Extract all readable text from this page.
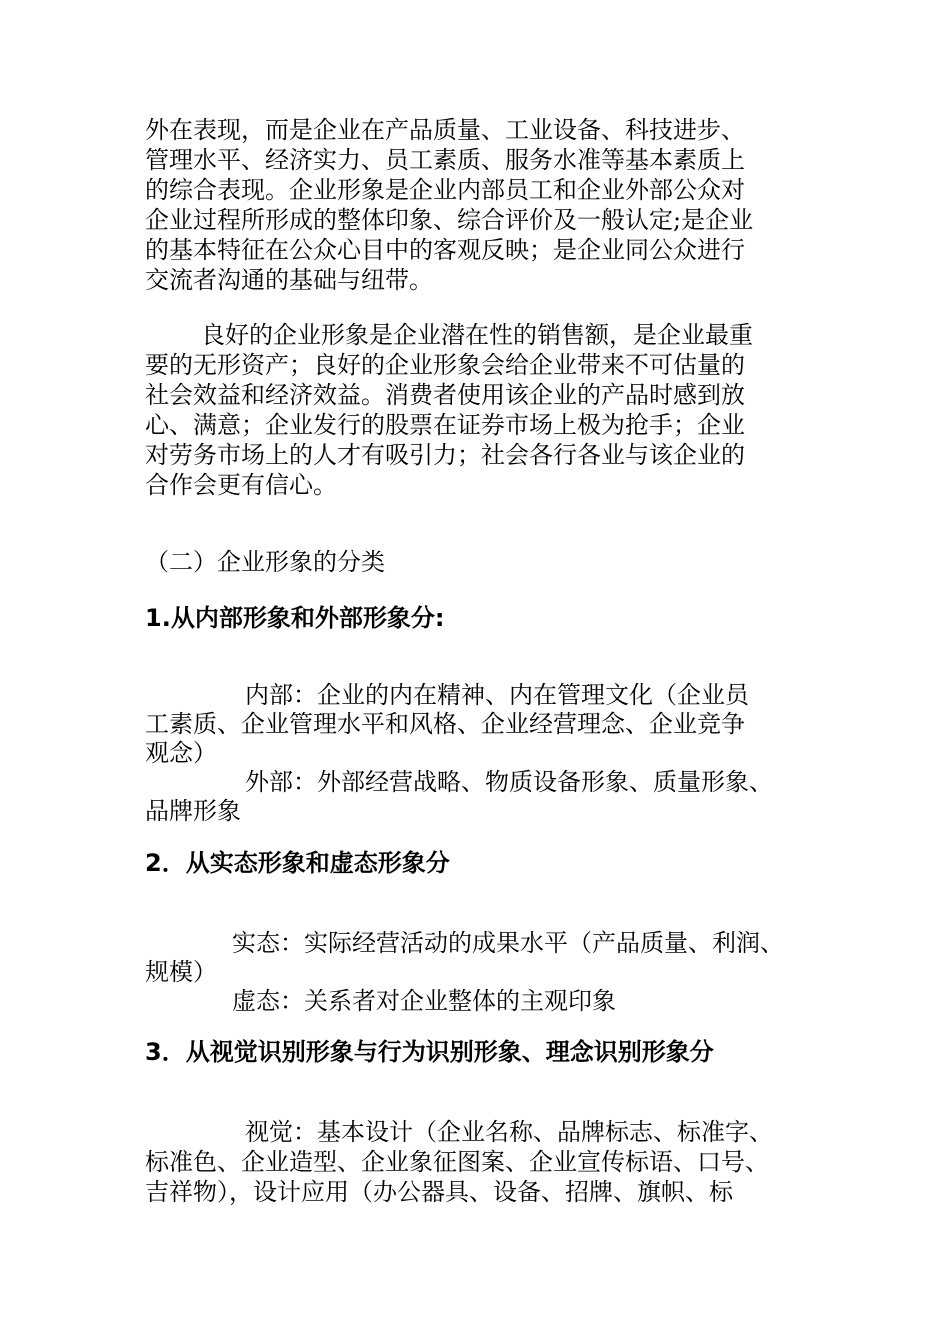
外在表现，而是企业在产品质量、工业设备、科技进步、
管理水平、经济实力、员工素质、服务水准等基本素质上
的综合表现。企业形象是企业内部员工和企业外部公众对
企业过程所形成的整体印象、综合评价及一般认定;是企业
的基本特征在公众心目中的客观反映；是企业同公众进行
交流者沟通的基础与纽带。
良好的企业形象是企业潜在性的销售额，是企业最重
要的无形资产；良好的企业形象会给企业带来不可估量的
社会效益和经济效益。消费者使用该企业的产品时感到放
心、满意；企业发行的股票在证券市场上极为抢手；企业
对劳务市场上的人才有吸引力；社会各行各业与该企业的
合作会更有信心。
（二）企业形象的分类
1.从内部形象和外部形象分:
内部：企业的内在精神、内在管理文化（企业员
工素质、企业管理水平和风格、企业经营理念、企业竞争
观念）
外部：外部经营战略、物质设备形象、质量形象、
品牌形象
2．从实态形象和虚态形象分
实态：实际经营活动的成果水平（产品质量、利润、
规模）
虚态：关系者对企业整体的主观印象
3．从视觉识别形象与行为识别形象、理念识别形象分
视觉：基本设计（企业名称、品牌标志、标准字、
标准色、企业造型、企业象征图案、企业宣传标语、口号、
吉祥物），设计应用（办公器具、设备、招牌、旗帜、标
